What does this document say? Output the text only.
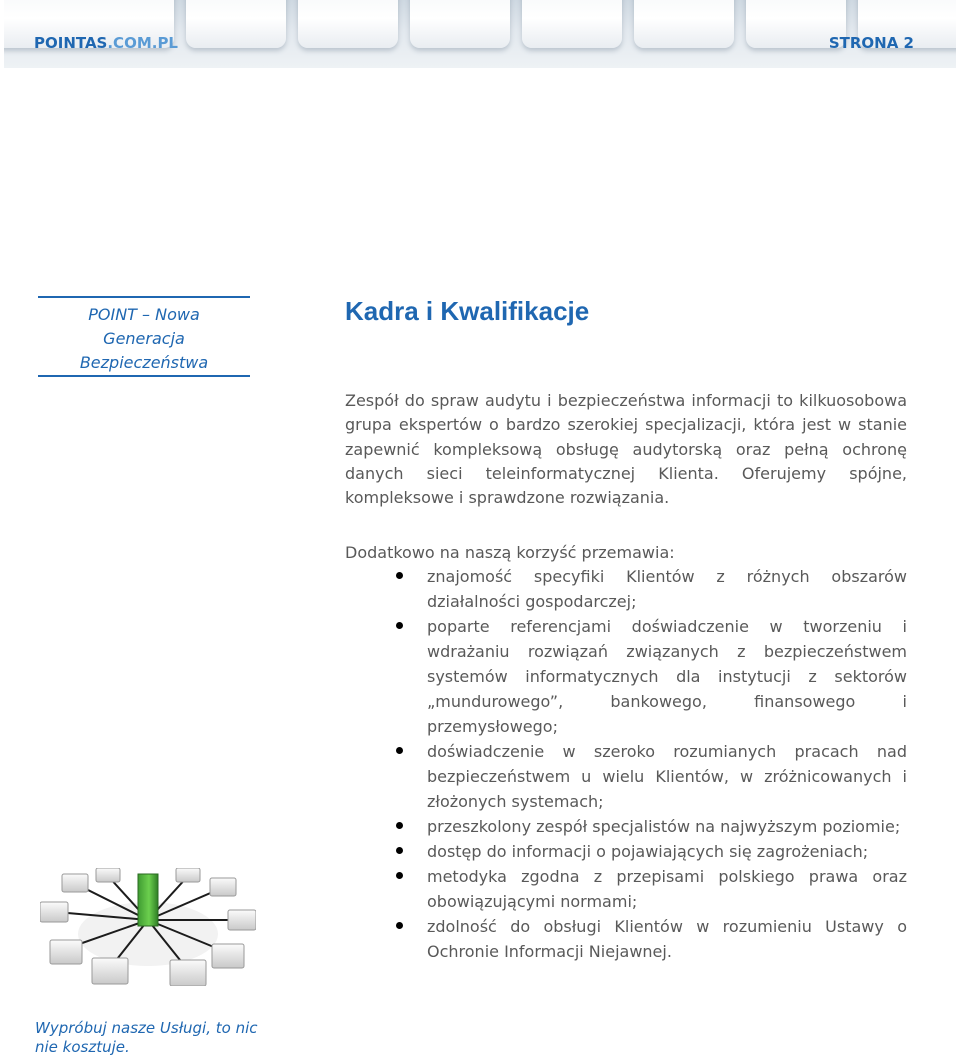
POINTAS.COM.PL	STRONA 2
POINT – Nowa
Generacja
Bezpieczeństwa
Wypróbuj nasze Usługi, to nic nie kosztuje.
Kadra i Kwalifikacje

Zespół do spraw audytu i bezpieczeństwa informacji to kilkuosobowa grupa ekspertów o bardzo szerokiej specjalizacji, która jest w stanie zapewnić kompleksową obsługę audytorską oraz pełną ochronę danych sieci teleinformatycznej Klienta. Oferujemy spójne, kompleksowe i sprawdzone rozwiązania.

Dodatkowo na naszą korzyść przemawia:

znajomość specyfiki Klientów z różnych obszarów działalności gospodarczej;
poparte referencjami doświadczenie w tworzeniu i wdrażaniu rozwiązań związanych z bezpieczeństwem systemów informatycznych dla instytucji z sektorów „mundurowego”, bankowego, finansowego i przemysłowego;
doświadczenie w szeroko rozumianych pracach nad bezpieczeństwem u wielu Klientów, w zróżnicowanych i złożonych systemach;
przeszkolony zespół specjalistów na najwyższym poziomie;
dostęp do informacji o pojawiających się zagrożeniach;
metodyka zgodna z przepisami polskiego prawa oraz obowiązującymi normami;
zdolność do obsługi Klientów w rozumieniu Ustawy o Ochronie Informacji Niejawnej.
